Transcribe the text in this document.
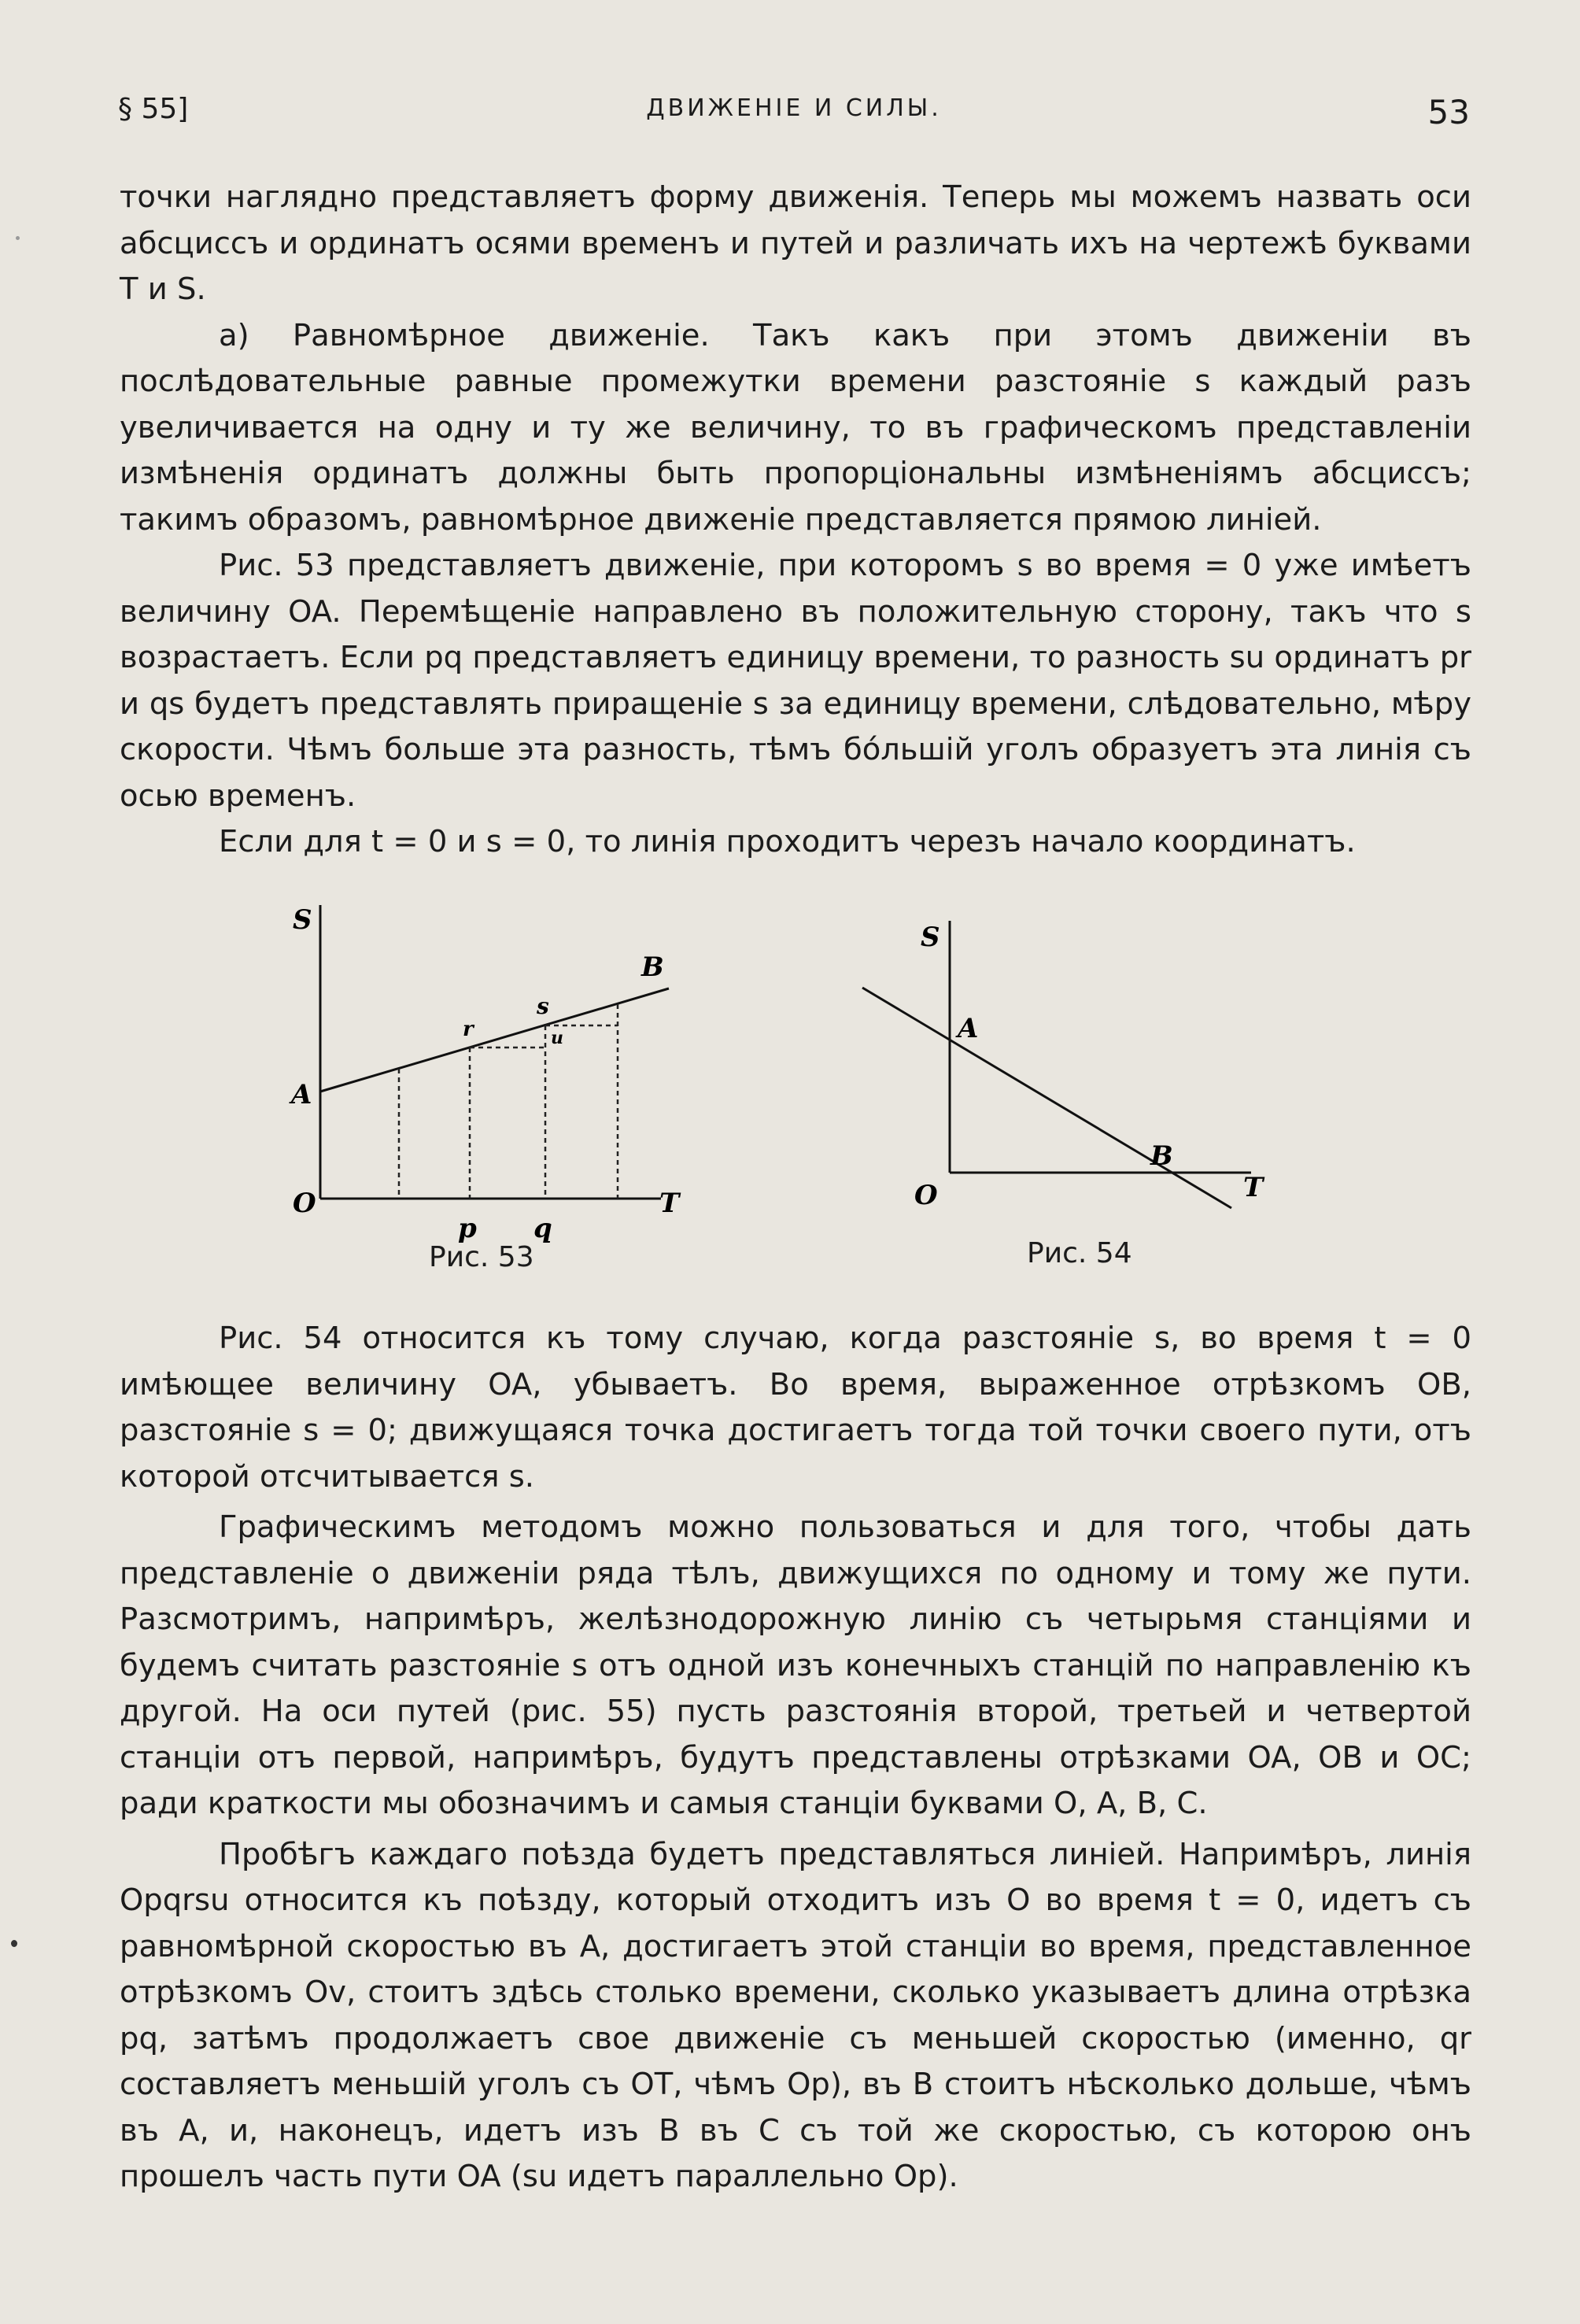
§ 55]	ДВИЖЕНІЕ И СИЛЫ.	53

точки наглядно представляетъ форму движенія. Теперь мы можемъ назвать оси абсциссъ и ординатъ осями временъ и путей и различать ихъ на чертежѣ буквами T и S.

а) Равномѣрное движеніе. Такъ какъ при этомъ движеніи въ послѣдовательные равные промежутки времени разстояніе s каждый разъ увеличивается на одну и ту же величину, то въ графическомъ представленіи измѣненія ординатъ должны быть пропорціональны измѣненіямъ абсциссъ; такимъ образомъ, равномѣрное движеніе представляется прямою линіей.

Рис. 53 представляетъ движеніе, при которомъ s во время = 0 уже имѣетъ величину OA. Перемѣщеніе направлено въ положительную сторону, такъ что s возрастаетъ. Если pq представляетъ единицу времени, то разность su ординатъ pr и qs будетъ представлять приращеніе s за единицу времени, слѣдовательно, мѣру скорости. Чѣмъ больше эта разность, тѣмъ бо́льшій уголъ образуетъ эта линія съ осью временъ.

Если для t = 0 и s = 0, то линія проходитъ черезъ начало координатъ.

S
T
O
A
B
p q
r
s
u
Рис. 53
S
T
O
A
B
Рис. 54

Рис. 54 относится къ тому случаю, когда разстояніе s, во время t = 0 имѣющее величину OA, убываетъ. Во время, выраженное отрѣзкомъ OB, разстояніе s = 0; движущаяся точка достигаетъ тогда той точки своего пути, отъ которой отсчитывается s.

Графическимъ методомъ можно пользоваться и для того, чтобы дать представленіе о движеніи ряда тѣлъ, движущихся по одному и тому же пути. Разсмотримъ, напримѣръ, желѣзнодорожную линію съ четырьмя станціями и будемъ считать разстояніе s отъ одной изъ конечныхъ станцій по направленію къ другой. На оси путей (рис. 55) пусть разстоянія второй, третьей и четвертой станціи отъ первой, напримѣръ, будутъ представлены отрѣзками OA, OB и OC; ради краткости мы обозначимъ и самыя станціи буквами O, A, B, C.

Пробѣгъ каждаго поѣзда будетъ представляться линіей. Напримѣръ, линія Opqrsu относится къ поѣзду, который отходитъ изъ O во время t = 0, идетъ съ равномѣрной скоростью въ A, достигаетъ этой станціи во время, представленное отрѣзкомъ Ov, стоитъ здѣсь столько времени, сколько указываетъ длина отрѣзка pq, затѣмъ продолжаетъ свое движеніе съ меньшей скоростью (именно, qr составляетъ меньшій уголъ съ OT, чѣмъ Op), въ B стоитъ нѣсколько дольше, чѣмъ въ A, и, наконецъ, идетъ изъ B въ C съ той же скоростью, съ которою онъ прошелъ часть пути OA (su идетъ параллельно Op).
